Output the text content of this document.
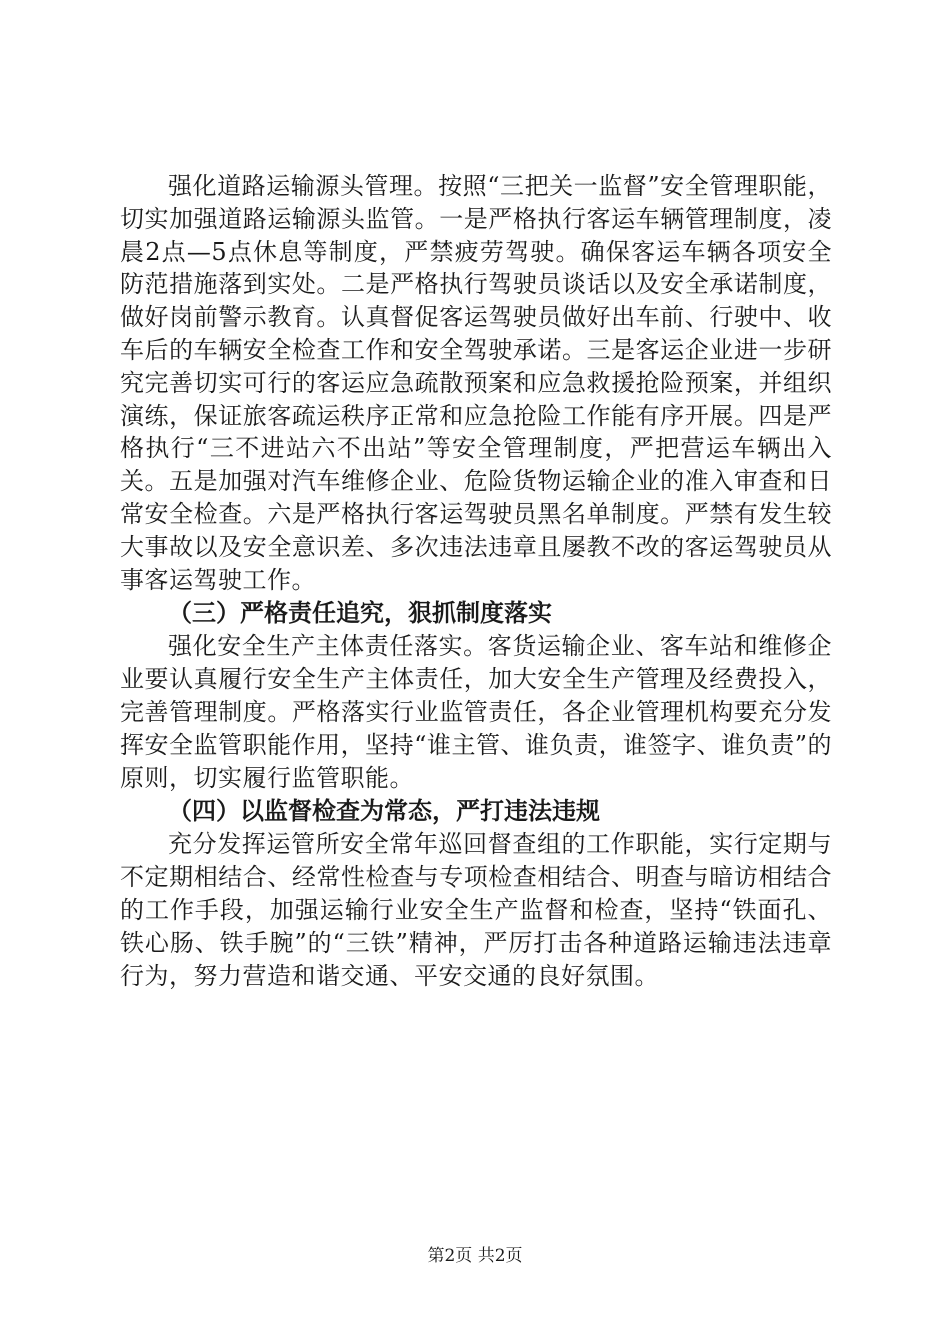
强化道路运输源头管理。按照“三把关一监督”安全管理职能，切实加强道路运输源头监管。一是严格执行客运车辆管理制度，凌晨2点—5点休息等制度，严禁疲劳驾驶。确保客运车辆各项安全防范措施落到实处。二是严格执行驾驶员谈话以及安全承诺制度，做好岗前警示教育。认真督促客运驾驶员做好出车前、行驶中、收车后的车辆安全检查工作和安全驾驶承诺。三是客运企业进一步研究完善切实可行的客运应急疏散预案和应急救援抢险预案，并组织演练，保证旅客疏运秩序正常和应急抢险工作能有序开展。四是严格执行“三不进站六不出站”等安全管理制度，严把营运车辆出入关。五是加强对汽车维修企业、危险货物运输企业的准入审查和日常安全检查。六是严格执行客运驾驶员黑名单制度。严禁有发生较大事故以及安全意识差、多次违法违章且屡教不改的客运驾驶员从事客运驾驶工作。

（三）严格责任追究，狠抓制度落实

强化安全生产主体责任落实。客货运输企业、客车站和维修企业要认真履行安全生产主体责任，加大安全生产管理及经费投入，完善管理制度。严格落实行业监管责任，各企业管理机构要充分发挥安全监管职能作用，坚持“谁主管、谁负责，谁签字、谁负责”的原则，切实履行监管职能。

（四）以监督检查为常态，严打违法违规

充分发挥运管所安全常年巡回督查组的工作职能，实行定期与不定期相结合、经常性检查与专项检查相结合、明查与暗访相结合的工作手段，加强运输行业安全生产监督和检查，坚持“铁面孔、铁心肠、铁手腕”的“三铁”精神，严厉打击各种道路运输违法违章行为，努力营造和谐交通、平安交通的良好氛围。

第2页 共2页
